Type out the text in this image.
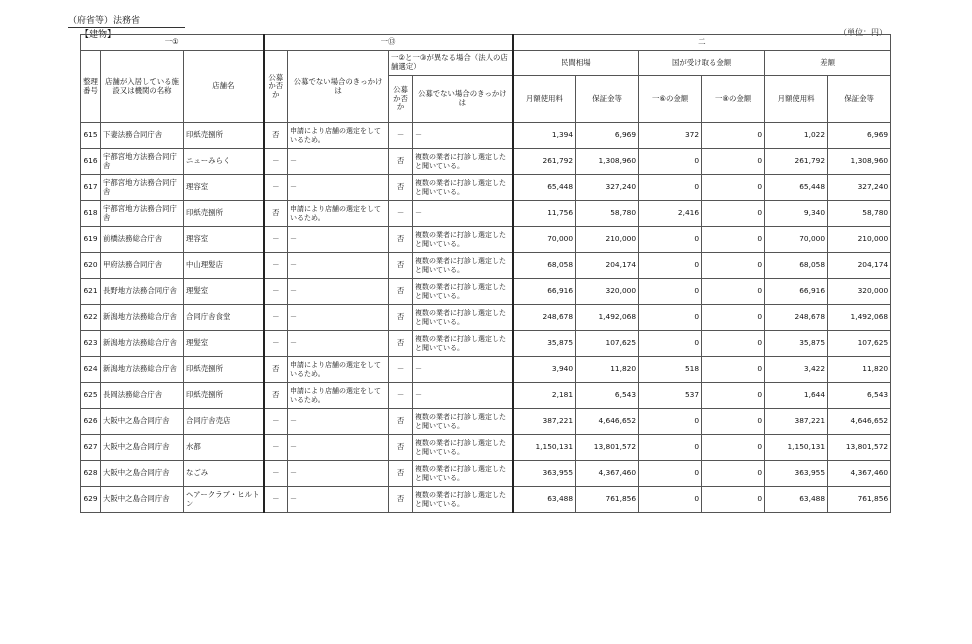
（府省等）法務省
【建物】	（単位：円）
一①			一⑬				二					
整理番号	店舗が入居している施設又は機関の名称	店舗名	公募か否か	公募でない場合のきっかけは	一②と一③が異なる場合（法人の店舗選定）		民間相場		国が受け取る金額		差額	
					公募か否か	公募でない場合のきっかけは	月額使用料	保証金等	一⑥の金額	一⑧の金額	月額使用料	保証金等
615	下妻法務合同庁舎	印紙売捌所	否	申請により店舗の選定をしているため。	－	－	1,394	6,969	372	0	1,022	6,969
616	宇都宮地方法務合同庁舎	ニューみらく	－	－	否	複数の業者に打診し選定したと聞いている。	261,792	1,308,960	0	0	261,792	1,308,960
617	宇都宮地方法務合同庁舎	理容室	－	－	否	複数の業者に打診し選定したと聞いている。	65,448	327,240	0	0	65,448	327,240
618	宇都宮地方法務合同庁舎	印紙売捌所	否	申請により店舗の選定をしているため。	－	－	11,756	58,780	2,416	0	9,340	58,780
619	前橋法務総合庁舎	理容室	－	－	否	複数の業者に打診し選定したと聞いている。	70,000	210,000	0	0	70,000	210,000
620	甲府法務合同庁舎	中山理髪店	－	－	否	複数の業者に打診し選定したと聞いている。	68,058	204,174	0	0	68,058	204,174
621	長野地方法務合同庁舎	理髪室	－	－	否	複数の業者に打診し選定したと聞いている。	66,916	320,000	0	0	66,916	320,000
622	新潟地方法務総合庁舎	合同庁舎食堂	－	－	否	複数の業者に打診し選定したと聞いている。	248,678	1,492,068	0	0	248,678	1,492,068
623	新潟地方法務総合庁舎	理髪室	－	－	否	複数の業者に打診し選定したと聞いている。	35,875	107,625	0	0	35,875	107,625
624	新潟地方法務総合庁舎	印紙売捌所	否	申請により店舗の選定をしているため。	－	－	3,940	11,820	518	0	3,422	11,820
625	長岡法務総合庁舎	印紙売捌所	否	申請により店舗の選定をしているため。	－	－	2,181	6,543	537	0	1,644	6,543
626	大阪中之島合同庁舎	合同庁舎売店	－	－	否	複数の業者に打診し選定したと聞いている。	387,221	4,646,652	0	0	387,221	4,646,652
627	大阪中之島合同庁舎	水都	－	－	否	複数の業者に打診し選定したと聞いている。	1,150,131	13,801,572	0	0	1,150,131	13,801,572
628	大阪中之島合同庁舎	なごみ	－	－	否	複数の業者に打診し選定したと聞いている。	363,955	4,367,460	0	0	363,955	4,367,460
629	大阪中之島合同庁舎	ヘアークラブ・ヒルトン	－	－	否	複数の業者に打診し選定したと聞いている。	63,488	761,856	0	0	63,488	761,856
